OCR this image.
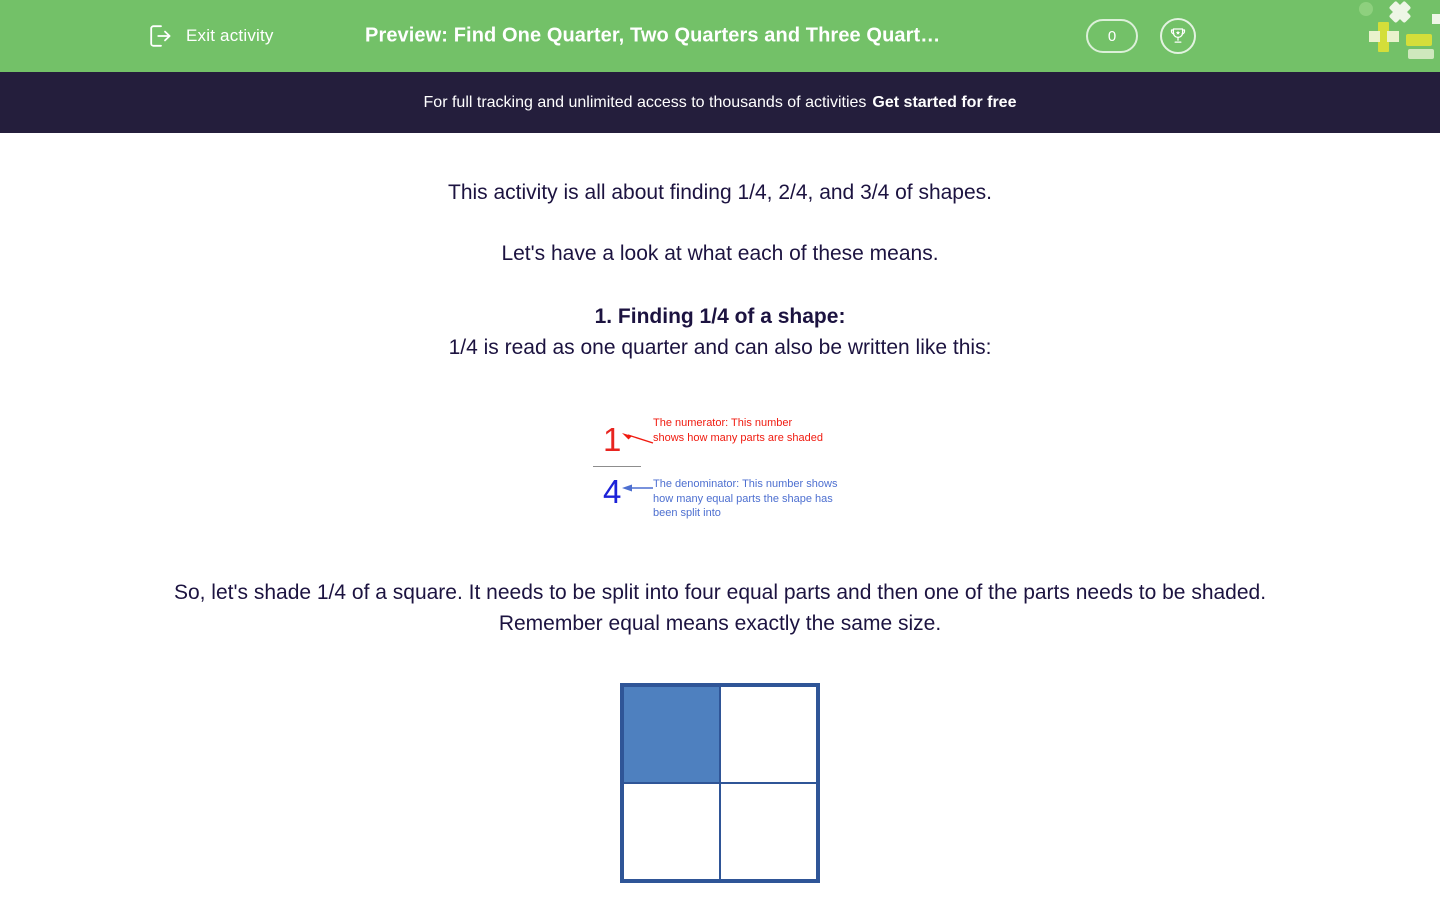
Exit activity	Preview: Find One Quarter, Two Quarters and Three Quart…	0
For full tracking and unlimited access to thousands of activities Get started for free
This activity is all about finding 1/4, 2/4, and 3/4 of shapes.
Let's have a look at what each of these means.
1. Finding 1/4 of a shape:
1/4 is read as one quarter and can also be written like this:
1
4
The numerator: This number shows how many parts are shaded
The denominator: This number shows how many equal parts the shape has been split into
So, let's shade 1/4 of a square. It needs to be split into four equal parts and then one of the parts needs to be shaded.
Remember equal means exactly the same size.
